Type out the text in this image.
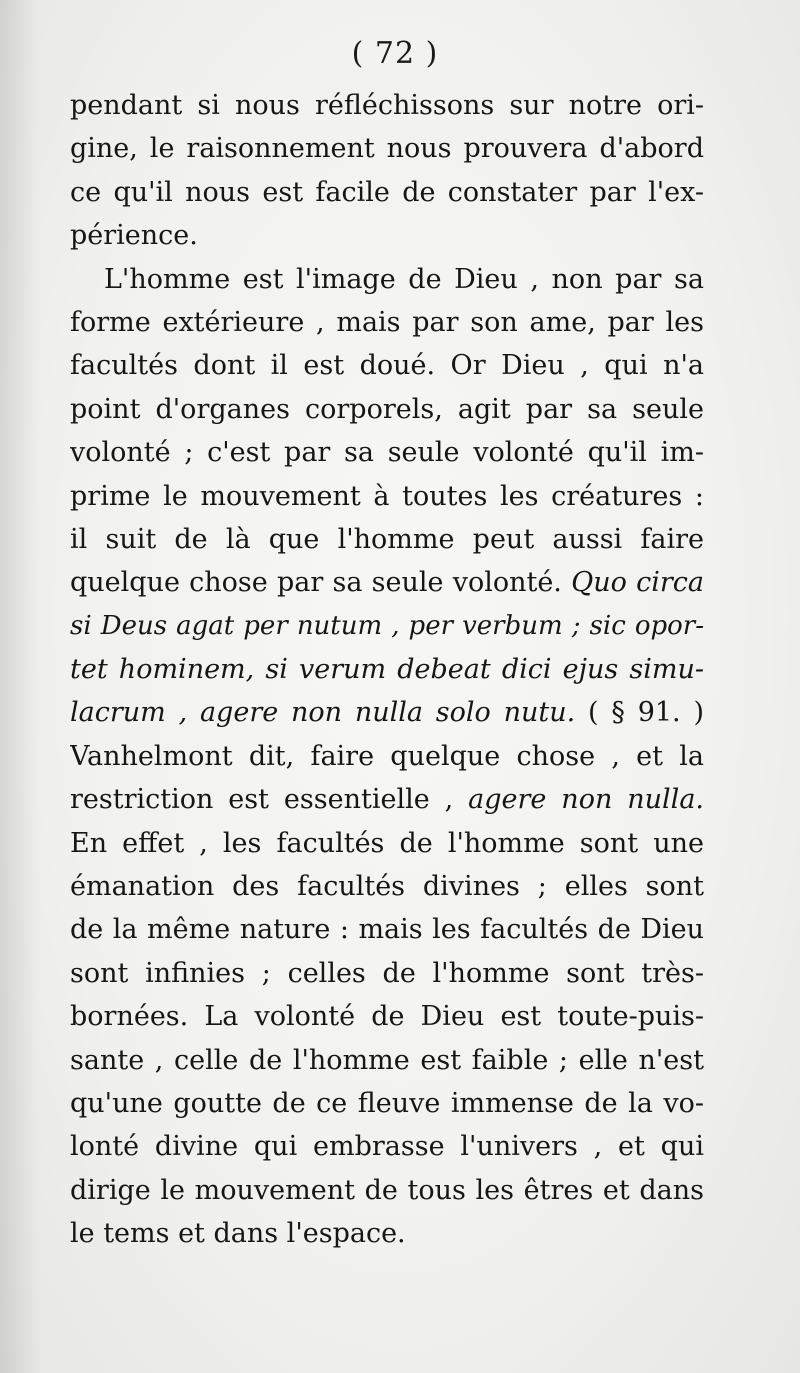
( 72 )
pendant si nous réfléchissons sur notre ori-
gine, le raisonnement nous prouvera d'abord
ce qu'il nous est facile de constater par l'ex-
périence.
L'homme est l'image de Dieu , non par sa
forme extérieure , mais par son ame, par les
facultés dont il est doué. Or Dieu , qui n'a
point d'organes corporels, agit par sa seule
volonté ; c'est par sa seule volonté qu'il im-
prime le mouvement à toutes les créatures :
il suit de là que l'homme peut aussi faire
quelque chose par sa seule volonté. Quo circa
si Deus agat per nutum , per verbum ; sic opor-
tet hominem, si verum debeat dici ejus simu-
lacrum , agere non nulla solo nutu. ( § 91. )
Vanhelmont dit, faire quelque chose , et la
restriction est essentielle , agere non nulla.
En effet , les facultés de l'homme sont une
émanation des facultés divines ; elles sont
de la même nature : mais les facultés de Dieu
sont infinies ; celles de l'homme sont très-
bornées. La volonté de Dieu est toute-puis-
sante , celle de l'homme est faible ; elle n'est
qu'une goutte de ce fleuve immense de la vo-
lonté divine qui embrasse l'univers , et qui
dirige le mouvement de tous les êtres et dans
le tems et dans l'espace.
